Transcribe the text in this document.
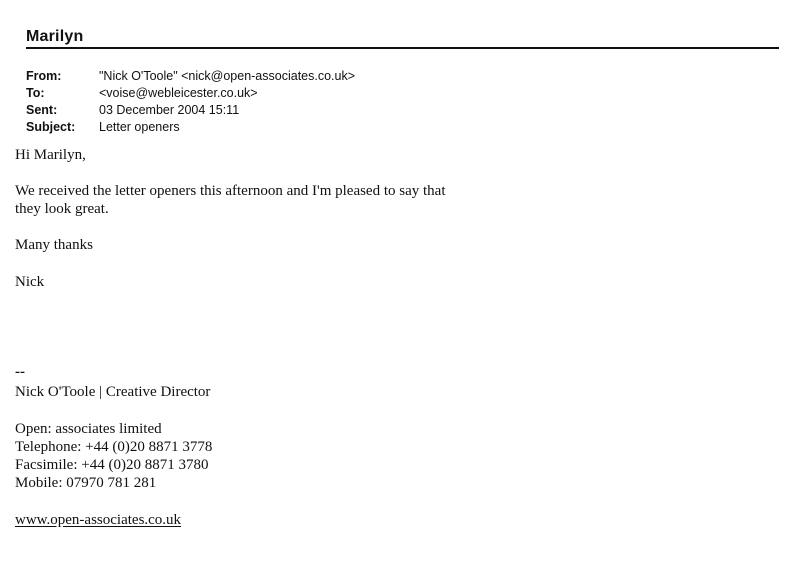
Marilyn
From:	"Nick O'Toole" <nick@open-associates.co.uk>
To:	<voise@webleicester.co.uk>
Sent:	03 December 2004 15:11
Subject:	Letter openers
Hi Marilyn,
We received the letter openers this afternoon and I'm pleased to say that
they look great.
Many thanks
Nick
--
Nick O'Toole | Creative Director
Open: associates limited
Telephone: +44 (0)20 8871 3778
Facsimile: +44 (0)20 8871 3780
Mobile: 07970 781 281
www.open-associates.co.uk
